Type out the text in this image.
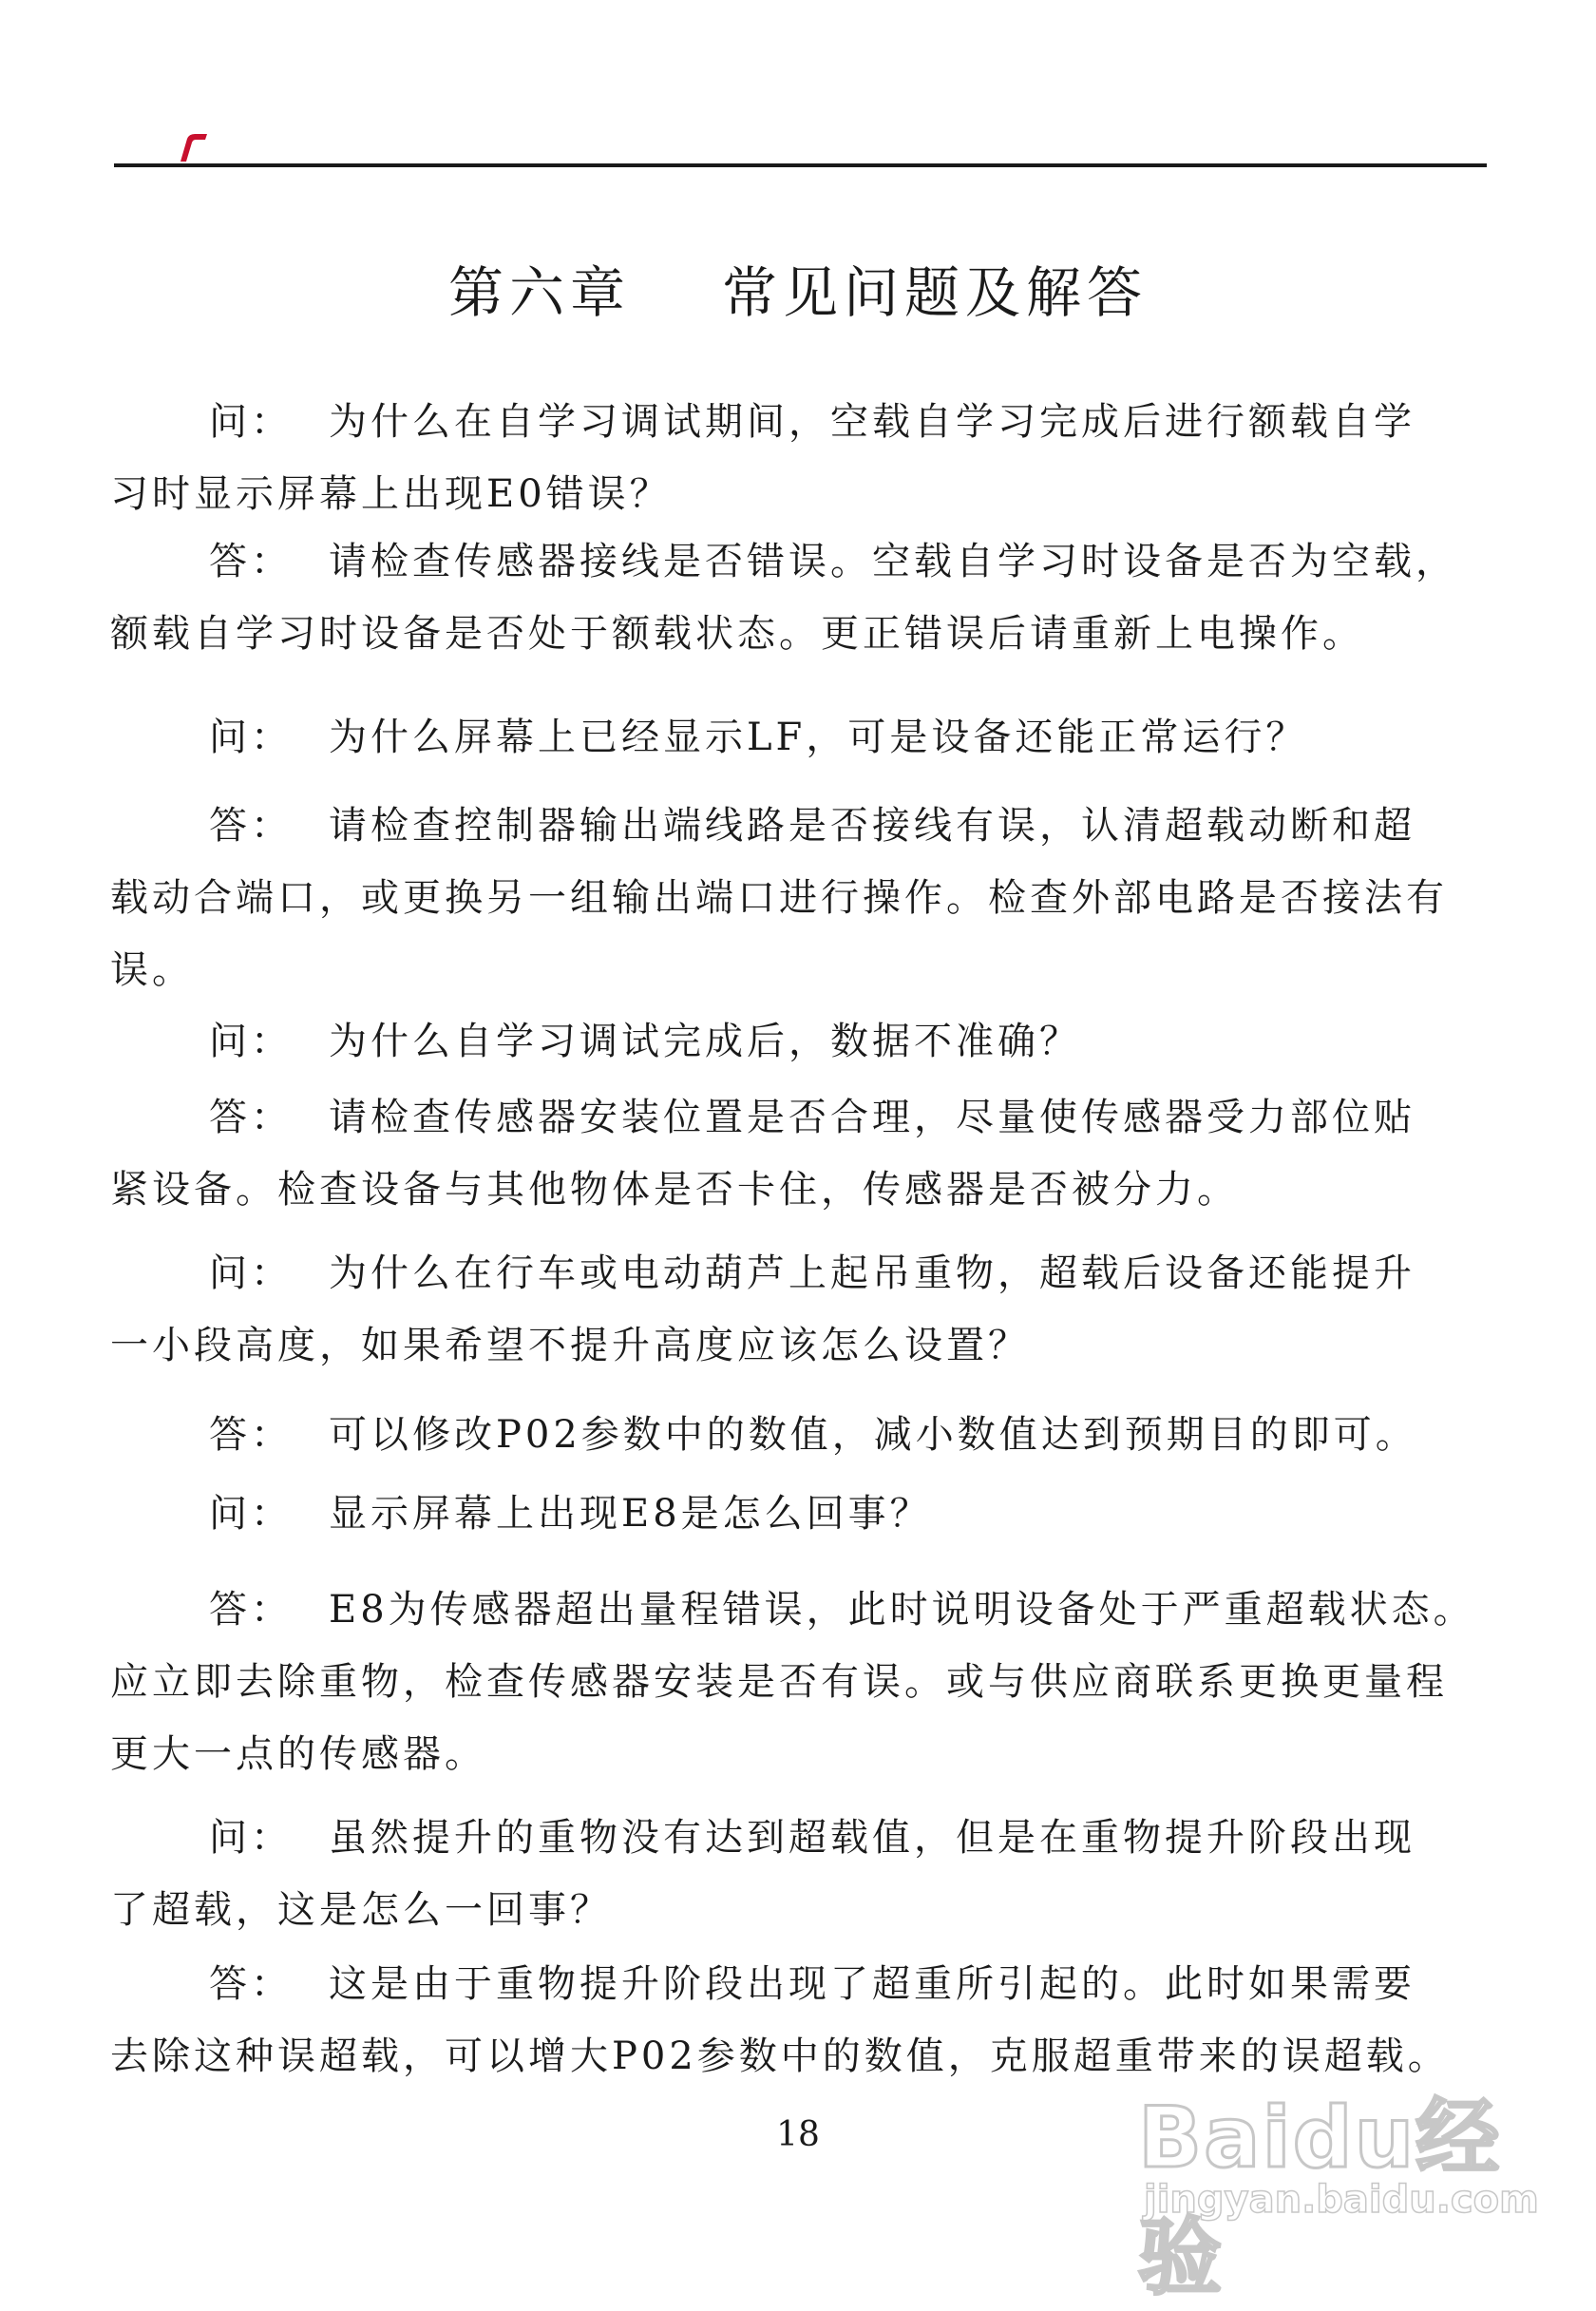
第六章 常见问题及解答
问： 为什么在自学习调试期间，空载自学习完成后进行额载自学
习时显示屏幕上出现E0错误？
答： 请检查传感器接线是否错误。空载自学习时设备是否为空载，
额载自学习时设备是否处于额载状态。更正错误后请重新上电操作。
问： 为什么屏幕上已经显示LF，可是设备还能正常运行？
答： 请检查控制器输出端线路是否接线有误，认清超载动断和超
载动合端口，或更换另一组输出端口进行操作。检查外部电路是否接法有误。
问： 为什么自学习调试完成后，数据不准确？
答： 请检查传感器安装位置是否合理，尽量使传感器受力部位贴
紧设备。检查设备与其他物体是否卡住，传感器是否被分力。
问： 为什么在行车或电动葫芦上起吊重物，超载后设备还能提升
一小段高度，如果希望不提升高度应该怎么设置？
答： 可以修改P02参数中的数值，减小数值达到预期目的即可。
问： 显示屏幕上出现E8是怎么回事？
答： E8为传感器超出量程错误，此时说明设备处于严重超载状态。
应立即去除重物，检查传感器安装是否有误。或与供应商联系更换更量程更大一点的传感器。
问： 虽然提升的重物没有达到超载值，但是在重物提升阶段出现
了超载，这是怎么一回事？
答： 这是由于重物提升阶段出现了超重所引起的。此时如果需要
去除这种误超载，可以增大P02参数中的数值，克服超重带来的误超载。
18	Baidu经验
jingyan.baidu.com
